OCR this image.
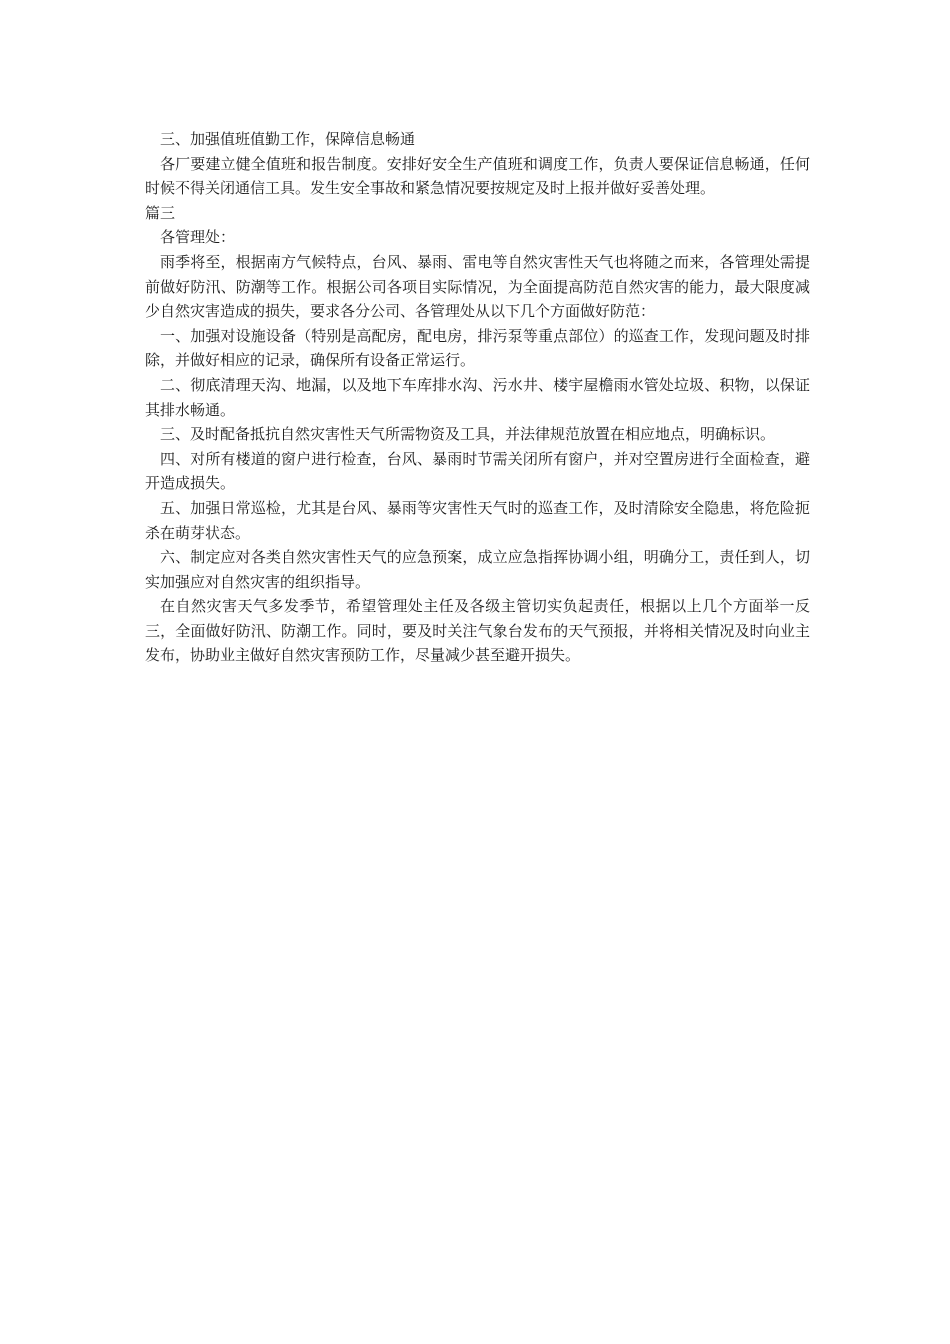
三、加强值班值勤工作，保障信息畅通

各厂要建立健全值班和报告制度。安排好安全生产值班和调度工作，负责人要保证信息畅通，任何时候不得关闭通信工具。发生安全事故和紧急情况要按规定及时上报并做好妥善处理。

篇三

各管理处：

雨季将至，根据南方气候特点，台风、暴雨、雷电等自然灾害性天气也将随之而来，各管理处需提前做好防汛、防潮等工作。根据公司各项目实际情况，为全面提高防范自然灾害的能力，最大限度减少自然灾害造成的损失，要求各分公司、各管理处从以下几个方面做好防范：

一、加强对设施设备（特别是高配房，配电房，排污泵等重点部位）的巡查工作，发现问题及时排除，并做好相应的记录，确保所有设备正常运行。

二、彻底清理天沟、地漏，以及地下车库排水沟、污水井、楼宇屋檐雨水管处垃圾、积物，以保证其排水畅通。

三、及时配备抵抗自然灾害性天气所需物资及工具，并法律规范放置在相应地点，明确标识。

四、对所有楼道的窗户进行检查，台风、暴雨时节需关闭所有窗户，并对空置房进行全面检查，避开造成损失。

五、加强日常巡检，尤其是台风、暴雨等灾害性天气时的巡查工作，及时清除安全隐患，将危险扼杀在萌芽状态。

六、制定应对各类自然灾害性天气的应急预案，成立应急指挥协调小组，明确分工，责任到人，切实加强应对自然灾害的组织指导。

在自然灾害天气多发季节，希望管理处主任及各级主管切实负起责任，根据以上几个方面举一反三，全面做好防汛、防潮工作。同时，要及时关注气象台发布的天气预报，并将相关情况及时向业主发布，协助业主做好自然灾害预防工作，尽量减少甚至避开损失。
